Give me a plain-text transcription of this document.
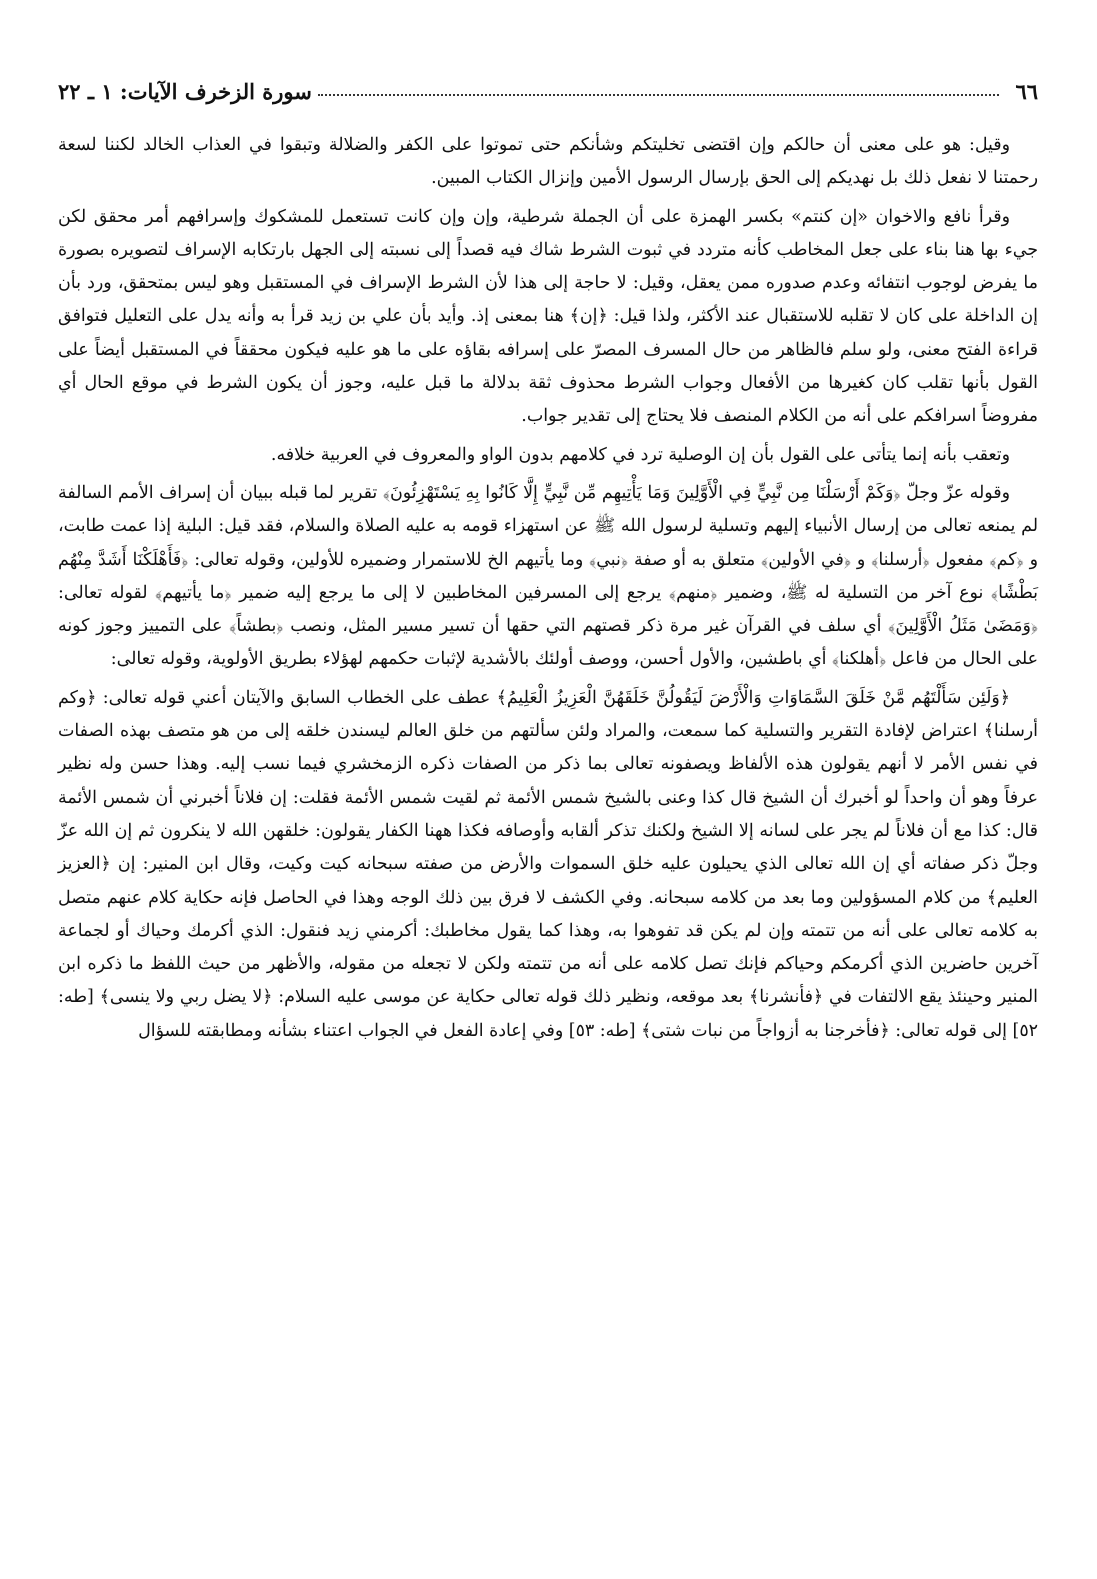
٦٦
سورة الزخرف الآيات: ١ ـ ٢٢

وقيل: هو على معنى أن حالكم وإن اقتضى تخليتكم وشأنكم حتى تموتوا على الكفر والضلالة وتبقوا في العذاب الخالد لكننا لسعة رحمتنا لا نفعل ذلك بل نهديكم إلى الحق بإرسال الرسول الأمين وإنزال الكتاب المبين.

وقرأ نافع والاخوان «إن كنتم» بكسر الهمزة على أن الجملة شرطية، وإن وإن كانت تستعمل للمشكوك وإسرافهم أمر محقق لكن جيء بها هنا بناء على جعل المخاطب كأنه متردد في ثبوت الشرط شاك فيه قصداً إلى نسبته إلى الجهل بارتكابه الإسراف لتصويره بصورة ما يفرض لوجوب انتفائه وعدم صدوره ممن يعقل، وقيل: لا حاجة إلى هذا لأن الشرط الإسراف في المستقبل وهو ليس بمتحقق، ورد بأن إن الداخلة على كان لا تقلبه للاستقبال عند الأكثر، ولذا قيل: ﴿إن﴾ هنا بمعنى إذ. وأيد بأن علي بن زيد قرأ به وأنه يدل على التعليل فتوافق قراءة الفتح معنى، ولو سلم فالظاهر من حال المسرف المصرّ على إسرافه بقاؤه على ما هو عليه فيكون محققاً في المستقبل أيضاً على القول بأنها تقلب كان كغيرها من الأفعال وجواب الشرط محذوف ثقة بدلالة ما قبل عليه، وجوز أن يكون الشرط في موقع الحال أي مفروضاً اسرافكم على أنه من الكلام المنصف فلا يحتاج إلى تقدير جواب.

وتعقب بأنه إنما يتأتى على القول بأن إن الوصلية ترد في كلامهم بدون الواو والمعروف في العربية خلافه.

وقوله عزّ وجلّ ﴿وَكَمْ أَرْسَلْنَا مِن نَّبِيٍّ فِي الْأَوَّلِينَ وَمَا يَأْتِيهِم مِّن نَّبِيٍّ إِلَّا كَانُوا بِهِ يَسْتَهْزِئُونَ﴾ تقرير لما قبله ببيان أن إسراف الأمم السالفة لم يمنعه تعالى من إرسال الأنبياء إليهم وتسلية لرسول الله ﷺ عن استهزاء قومه به عليه الصلاة والسلام، فقد قيل: البلية إذا عمت طابت، و ﴿كم﴾ مفعول ﴿أرسلنا﴾ و ﴿في الأولين﴾ متعلق به أو صفة ﴿نبي﴾ وما يأتيهم الخ للاستمرار وضميره للأولين، وقوله تعالى: ﴿فَأَهْلَكْنَا أَشَدَّ مِنْهُم بَطْشًا﴾ نوع آخر من التسلية له ﷺ، وضمير ﴿منهم﴾ يرجع إلى المسرفين المخاطبين لا إلى ما يرجع إليه ضمير ﴿ما يأتيهم﴾ لقوله تعالى: ﴿وَمَضَىٰ مَثَلُ الْأَوَّلِينَ﴾ أي سلف في القرآن غير مرة ذكر قصتهم التي حقها أن تسير مسير المثل، ونصب ﴿بطشاً﴾ على التمييز وجوز كونه على الحال من فاعل ﴿أهلكنا﴾ أي باطشين، والأول أحسن، ووصف أولئك بالأشدية لإثبات حكمهم لهؤلاء بطريق الأولوية، وقوله تعالى:

﴿وَلَئِن سَأَلْتَهُم مَّنْ خَلَقَ السَّمَاوَاتِ وَالْأَرْضَ لَيَقُولُنَّ خَلَقَهُنَّ الْعَزِيزُ الْعَلِيمُ﴾ عطف على الخطاب السابق والآيتان أعني قوله تعالى: ﴿وكم أرسلنا﴾ اعتراض لإفادة التقرير والتسلية كما سمعت، والمراد ولئن سألتهم من خلق العالم ليسندن خلقه إلى من هو متصف بهذه الصفات في نفس الأمر لا أنهم يقولون هذه الألفاظ ويصفونه تعالى بما ذكر من الصفات ذكره الزمخشري فيما نسب إليه. وهذا حسن وله نظير عرفاً وهو أن واحداً لو أخبرك أن الشيخ قال كذا وعنى بالشيخ شمس الأئمة ثم لقيت شمس الأئمة فقلت: إن فلاناً أخبرني أن شمس الأئمة قال: كذا مع أن فلاناً لم يجر على لسانه إلا الشيخ ولكنك تذكر ألقابه وأوصافه فكذا ههنا الكفار يقولون: خلقهن الله لا ينكرون ثم إن الله عزّ وجلّ ذكر صفاته أي إن الله تعالى الذي يحيلون عليه خلق السموات والأرض من صفته سبحانه كيت وكيت، وقال ابن المنير: إن ﴿العزيز العليم﴾ من كلام المسؤولين وما بعد من كلامه سبحانه. وفي الكشف لا فرق بين ذلك الوجه وهذا في الحاصل فإنه حكاية كلام عنهم متصل به كلامه تعالى على أنه من تتمته وإن لم يكن قد تفوهوا به، وهذا كما يقول مخاطبك: أكرمني زيد فنقول: الذي أكرمك وحياك أو لجماعة آخرين حاضرين الذي أكرمكم وحياكم فإنك تصل كلامه على أنه من تتمته ولكن لا تجعله من مقوله، والأظهر من حيث اللفظ ما ذكره ابن المنير وحينئذ يقع الالتفات في ﴿فأنشرنا﴾ بعد موقعه، ونظير ذلك قوله تعالى حكاية عن موسى عليه السلام: ﴿لا يضل ربي ولا ينسى﴾ [طه: ٥٢] إلى قوله تعالى: ﴿فأخرجنا به أزواجاً من نبات شتى﴾ [طه: ٥٣] وفي إعادة الفعل في الجواب اعتناء بشأنه ومطابقته للسؤال
